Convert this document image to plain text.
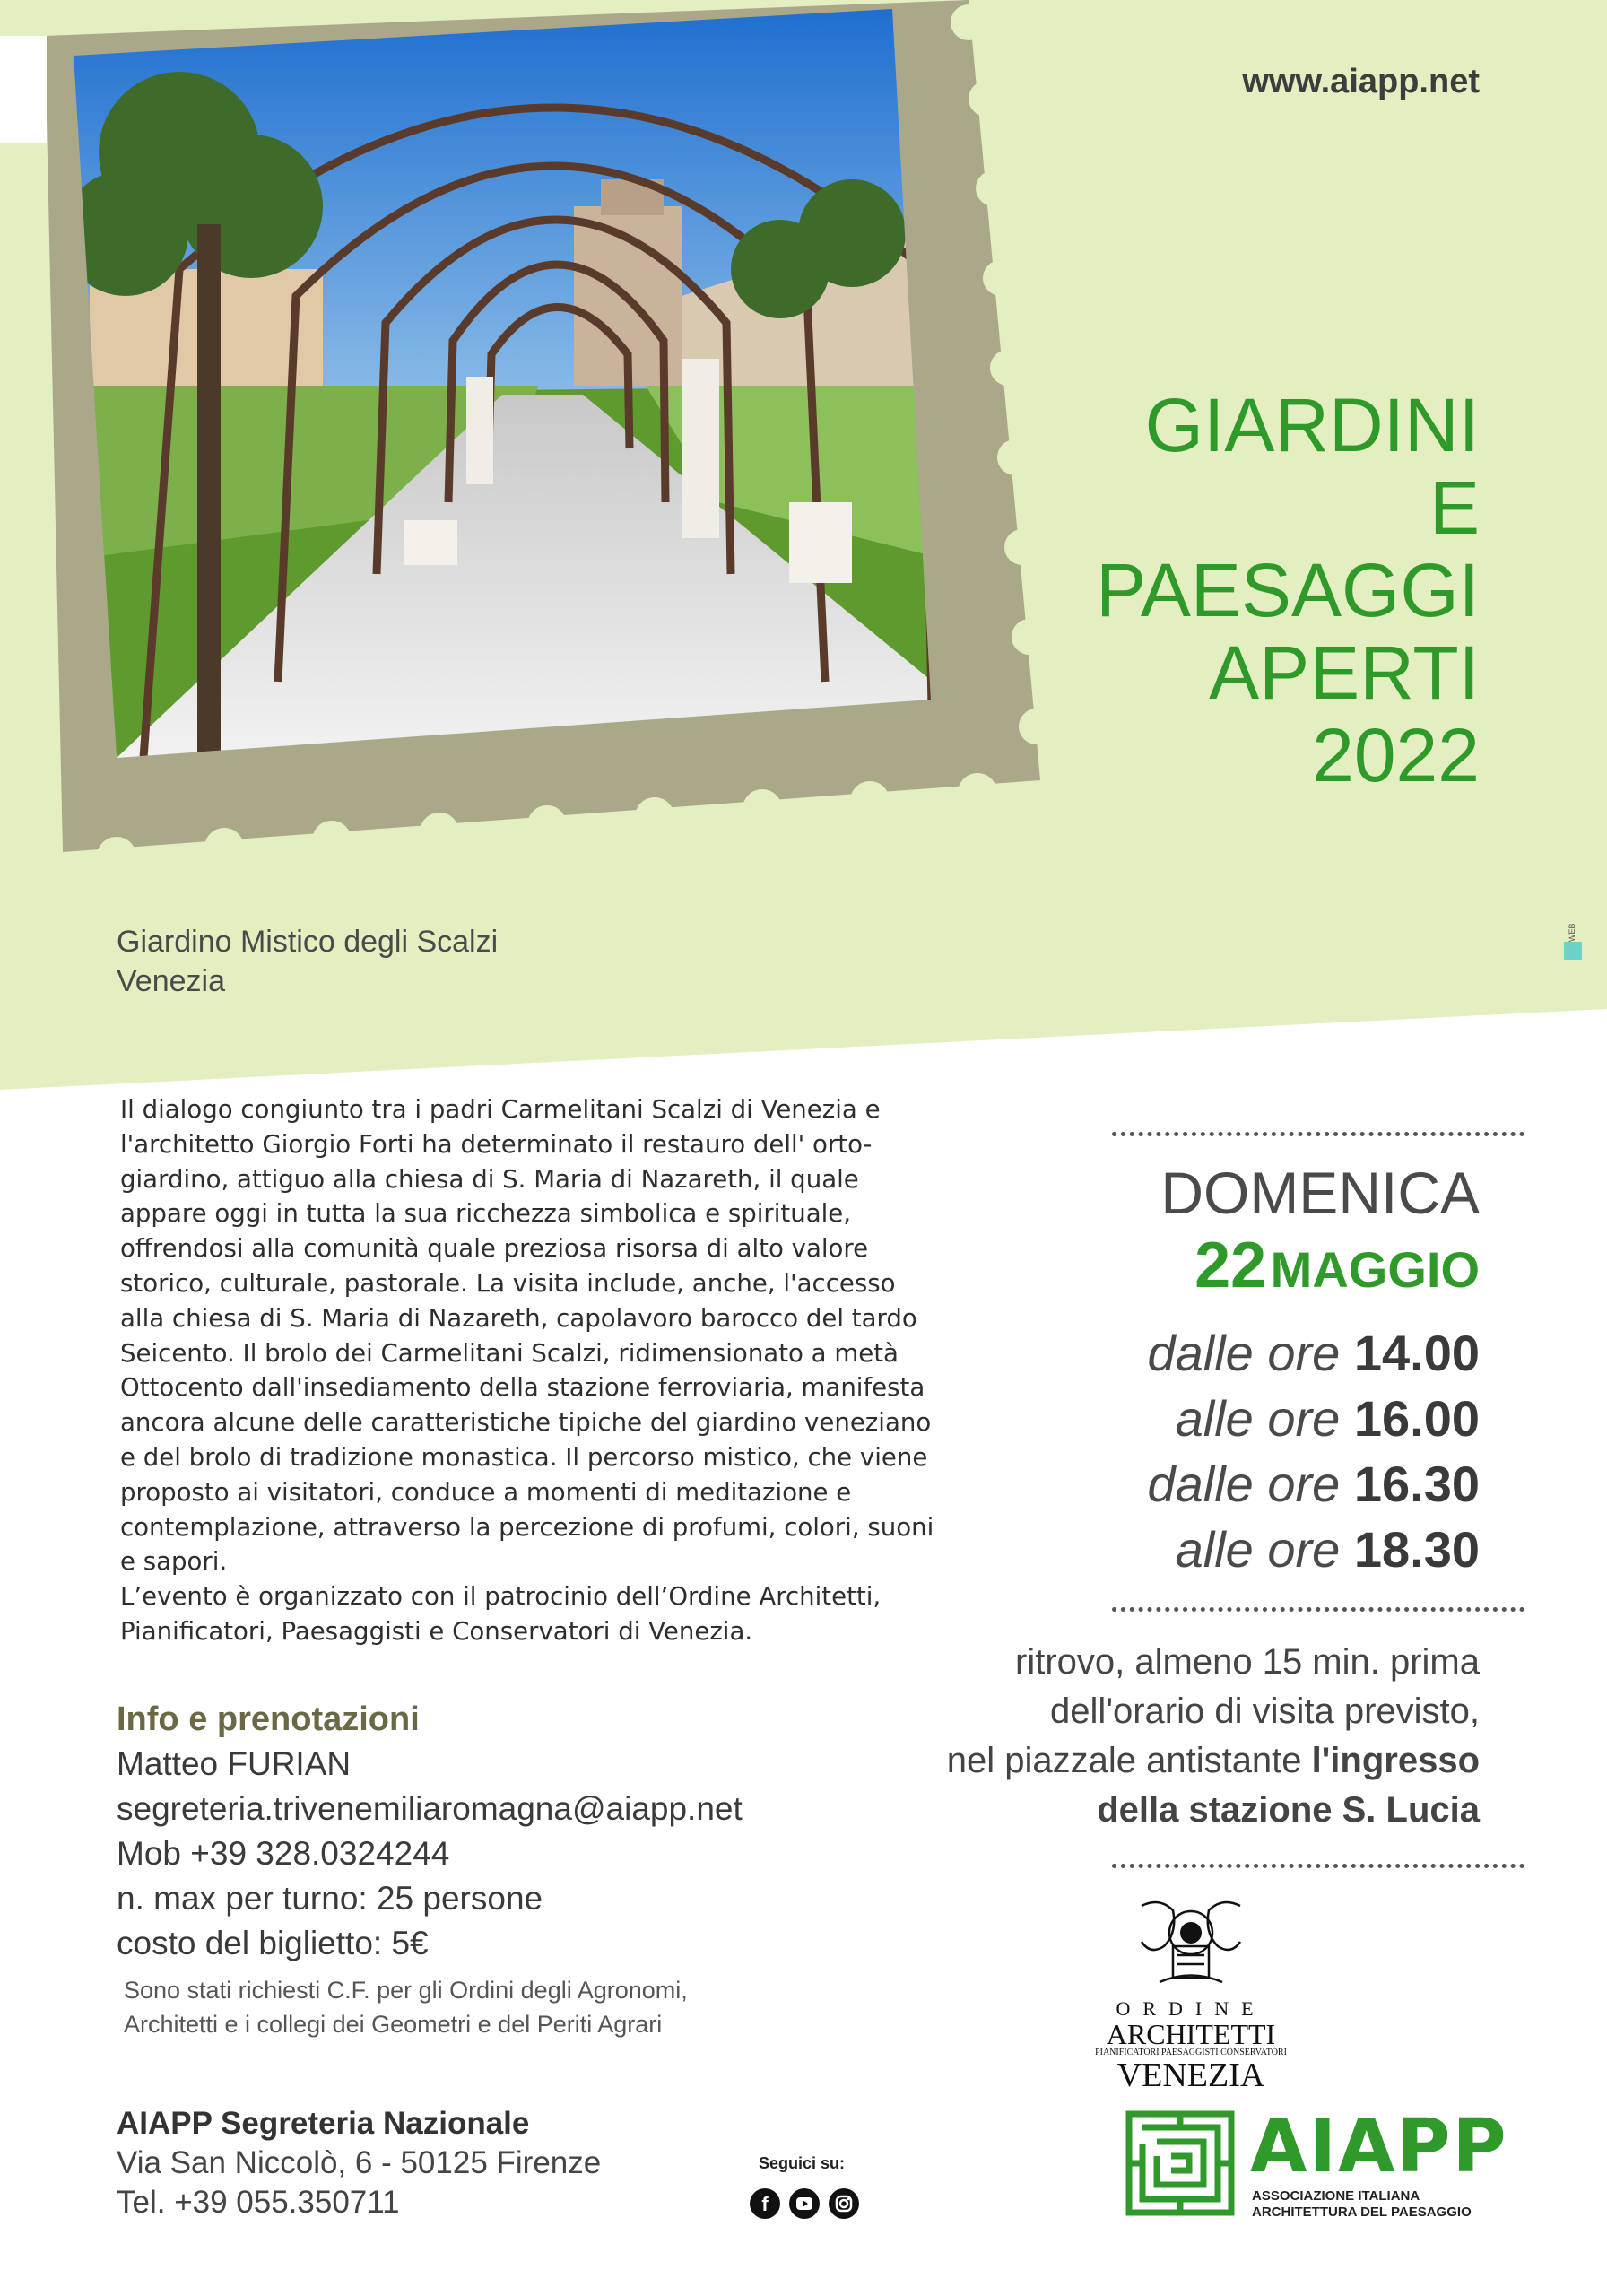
www.aiapp.net
GIARDINI
E
PAESAGGI
APERTI
2022
Giardino Mistico degli Scalzi
Venezia
WEB

Il dialogo congiunto tra i padri Carmelitani Scalzi di Venezia e l'architetto Giorgio Forti ha determinato il restauro dell' orto-giardino, attiguo alla chiesa di S. Maria di Nazareth, il quale appare oggi in tutta la sua ricchezza simbolica e spirituale, offrendosi alla comunità quale preziosa risorsa di alto valore storico, culturale, pastorale. La visita include, anche, l'accesso alla chiesa di S. Maria di Nazareth, capolavoro barocco del tardo Seicento. Il brolo dei Carmelitani Scalzi, ridimensionato a metà Ottocento dall'insediamento della stazione ferroviaria, manifesta ancora alcune delle caratteristiche tipiche del giardino veneziano e del brolo di tradizione monastica. Il percorso mistico, che viene proposto ai visitatori, conduce a momenti di meditazione e contemplazione, attraverso la percezione di profumi, colori, suoni e sapori.

L’evento è organizzato con il patrocinio dell’Ordine Architetti, Pianificatori, Paesaggisti e Conservatori di Venezia.

Info e prenotazioni
Matteo FURIAN
segreteria.trivenemiliaromagna@aiapp.net
Mob +39 328.0324244
n. max per turno: 25 persone
costo del biglietto: 5€
Sono stati richiesti C.F. per gli Ordini degli Agronomi,
Architetti e i collegi dei Geometri e del Periti Agrari
AIAPP Segreteria Nazionale
Via San Niccolò, 6 - 50125 Firenze
Tel. +39 055.350711
DOMENICA
22 MAGGIO
dalle ore 14.00
alle ore 16.00
dalle ore 16.30
alle ore 18.30
ritrovo, almeno 15 min. prima
dell'orario di visita previsto,
nel piazzale antistante l'ingresso
della stazione S. Lucia
Seguici su:
f
ORDINE
ARCHITETTI
PIANIFICATORI PAESAGGISTI CONSERVATORI
VENEZIA
AIAPP
ASSOCIAZIONE ITALIANA
ARCHITETTURA DEL PAESAGGIO
